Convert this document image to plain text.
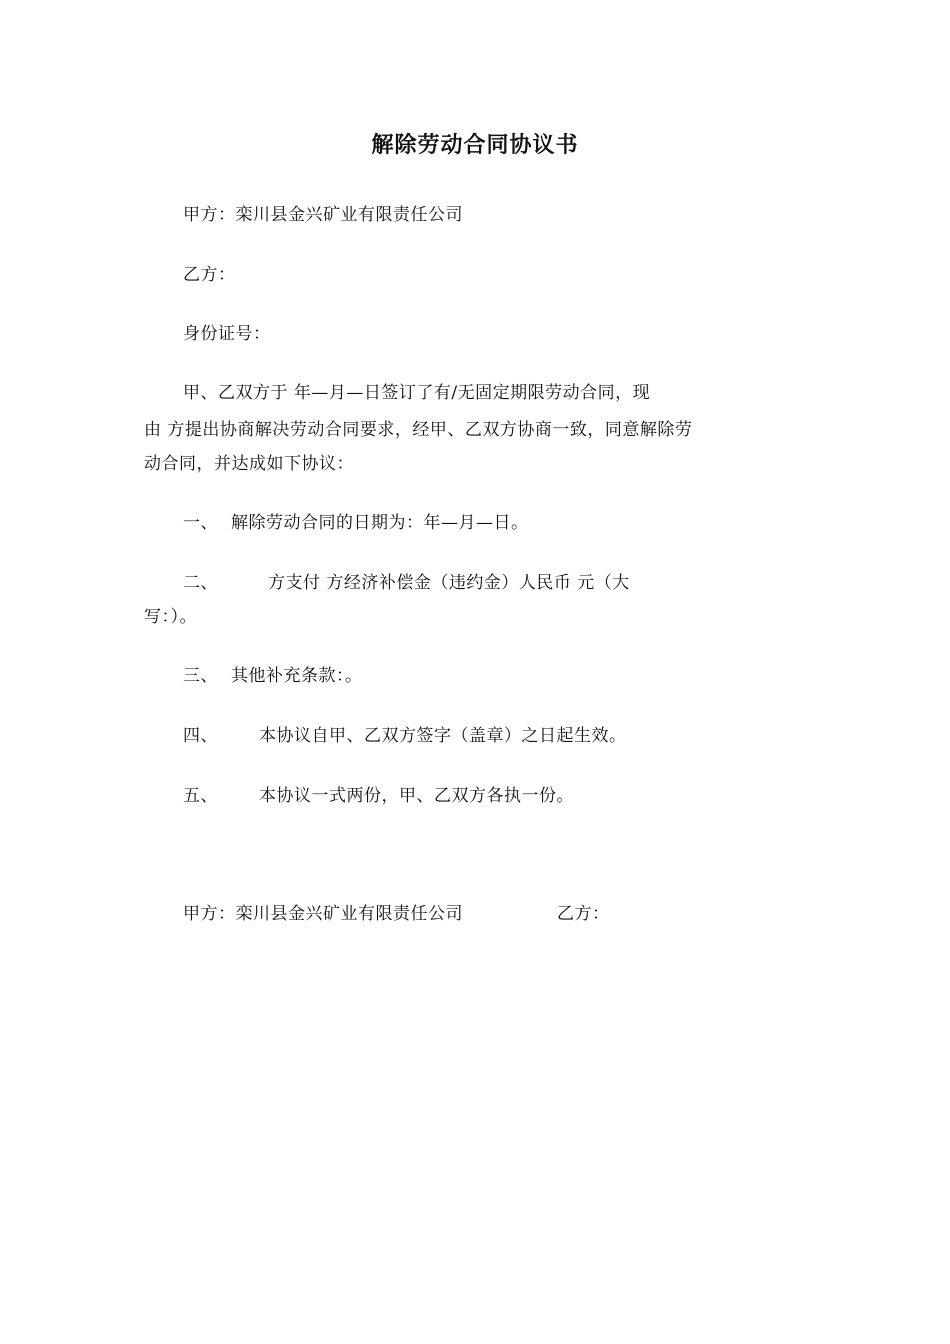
解除劳动合同协议书
甲方：栾川县金兴矿业有限责任公司
乙方：
身份证号：
甲、乙双方于 年—月—日签订了有/无固定期限劳动合同，现
由 方提出协商解决劳动合同要求，经甲、乙双方协商一致，同意解除劳
动合同，并达成如下协议：
一、 解除劳动合同的日期为：年—月—日。
二、	方支付 方经济补偿金（违约金）人民币 元（大
写：）。
三、 其他补充条款：。
四、 本协议自甲、乙双方签字（盖章）之日起生效。
五、 本协议一式两份，甲、乙双方各执一份。
甲方：栾川县金兴矿业有限责任公司	乙方：
